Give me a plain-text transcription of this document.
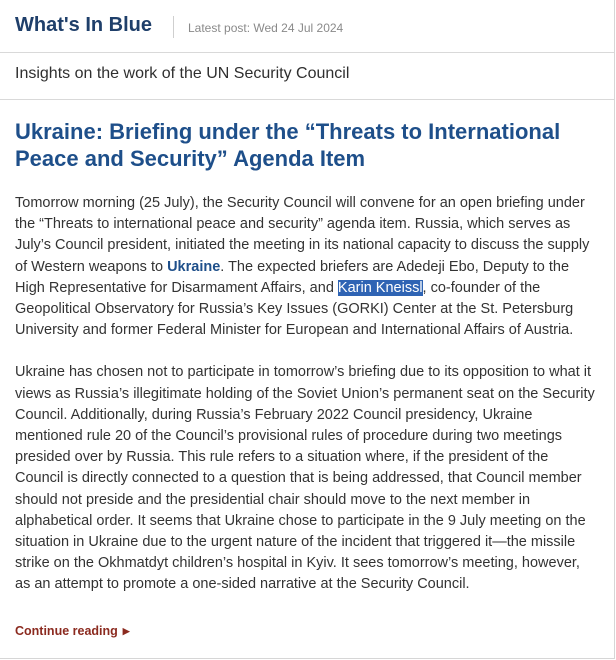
What's In Blue	Latest post: Wed 24 Jul 2024
Insights on the work of the UN Security Council
Ukraine: Briefing under the “Threats to International Peace and Security” Agenda Item

Tomorrow morning (25 July), the Security Council will convene for an open briefing under the “Threats to international peace and security” agenda item. Russia, which serves as July’s Council president, initiated the meeting in its national capacity to discuss the supply of Western weapons to Ukraine. The expected briefers are Adedeji Ebo, Deputy to the High Representative for Disarmament Affairs, and Karin Kneissl, co-founder of the Geopolitical Observatory for Russia’s Key Issues (GORKI) Center at the St. Petersburg University and former Federal Minister for European and International Affairs of Austria.

Ukraine has chosen not to participate in tomorrow’s briefing due to its opposition to what it views as Russia’s illegitimate holding of the Soviet Union’s permanent seat on the Security Council. Additionally, during Russia’s February 2022 Council presidency, Ukraine mentioned rule 20 of the Council’s provisional rules of procedure during two meetings presided over by Russia. This rule refers to a situation where, if the president of the Council is directly connected to a question that is being addressed, that Council member should not preside and the presidential chair should move to the next member in alphabetical order. It seems that Ukraine chose to participate in the 9 July meeting on the situation in Ukraine due to the urgent nature of the incident that triggered it—the missile strike on the Okhmatdyt children’s hospital in Kyiv. It sees tomorrow’s meeting, however, as an attempt to promote a one-sided narrative at the Security Council.

Continue reading ▶
